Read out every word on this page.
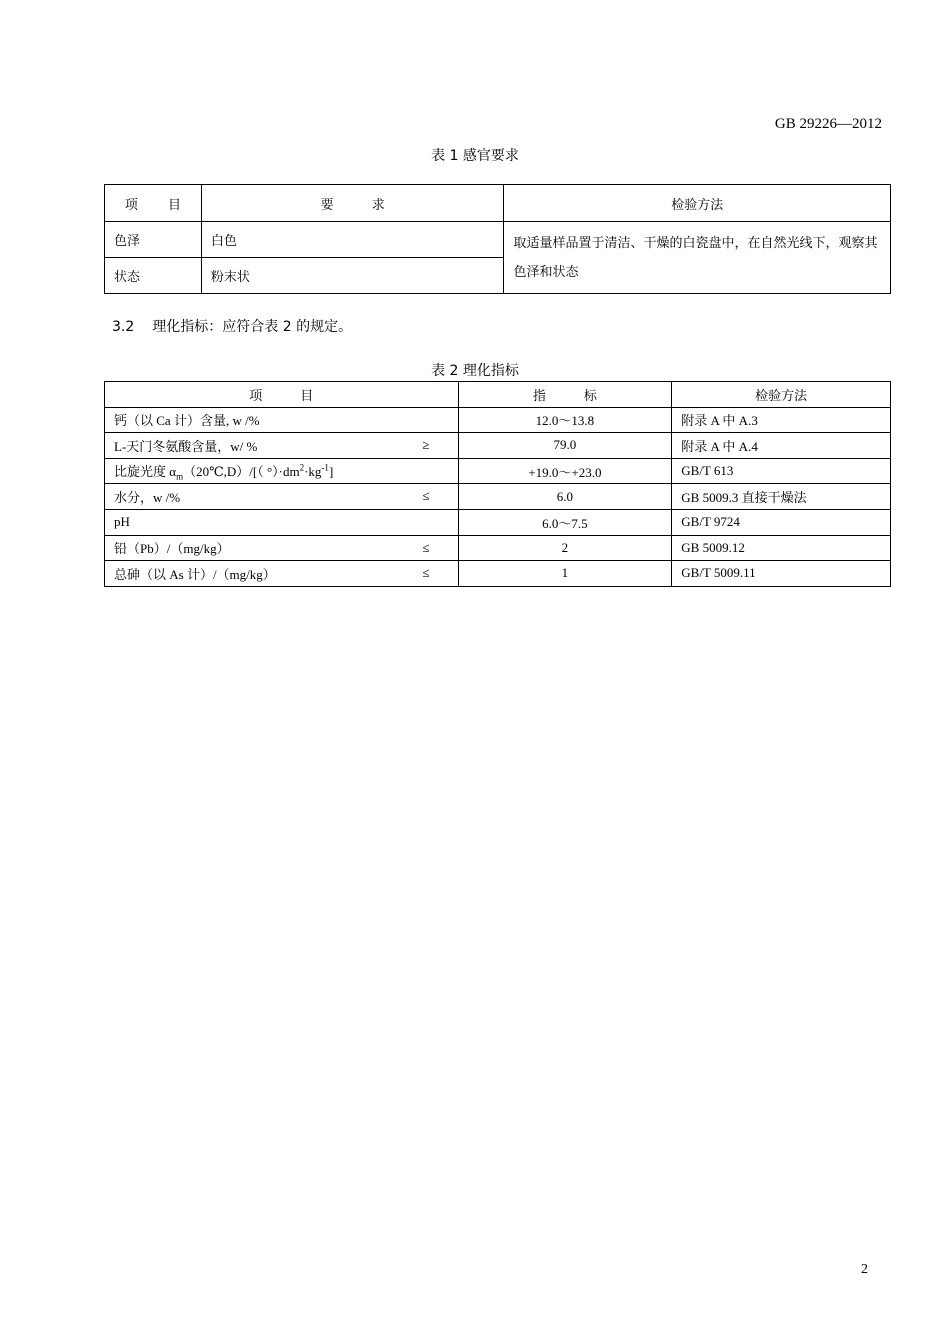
GB 29226—2012
表 1 感官要求
项 目	要 求	检验方法
色泽	白色	取适量样品置于清洁、干燥的白瓷盘中，在自然光线下，观察其色泽和状态
状态	粉末状	
3.2 理化指标：应符合表 2 的规定。
表 2 理化指标
项 目	指 标	检验方法
钙（以 Ca 计）含量, w /%	12.0～13.8	附录 A 中 A.3
L-天门冬氨酸含量，w/ % ≥	79.0	附录 A 中 A.4
比旋光度 $\alpha_m(20℃,D)/$[（ $^\circ)\cdot dm^2\cdot kg^{-1}$]	+19.0～+23.0	GB/T 613
水分，w /% ≤	6.0	GB 5009.3 直接干燥法
pH	6.0～7.5	GB/T 9724
铅（Pb）/（mg/kg） ≤	2	GB 5009.12
总砷（以 As 计）/（mg/kg） ≤	1	GB/T 5009.11
2
